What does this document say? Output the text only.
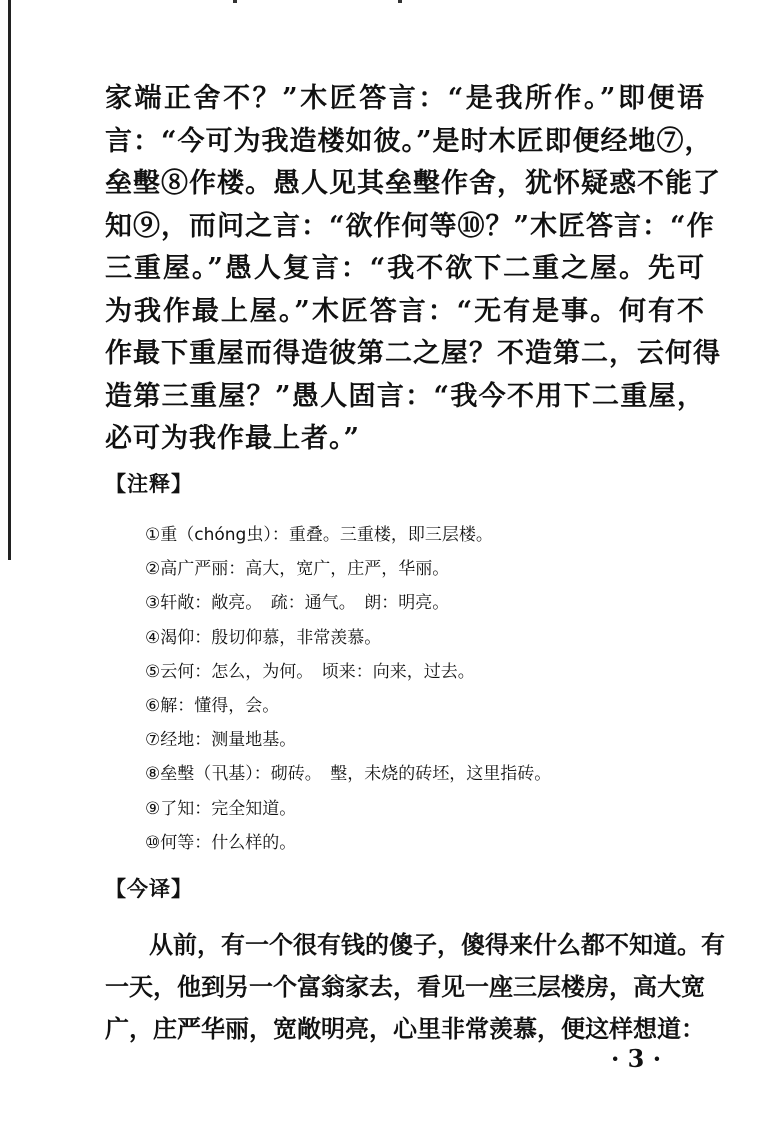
家端正舍不？”木匠答言：“是我所作。”即便语
言：“今可为我造楼如彼。”是时木匠即便经地⑦，
垒墼⑧作楼。愚人见其垒墼作舍，犹怀疑惑不能了
知⑨，而问之言：“欲作何等⑩？”木匠答言：“作
三重屋。”愚人复言：“我不欲下二重之屋。先可
为我作最上屋。”木匠答言：“无有是事。何有不
作最下重屋而得造彼第二之屋？不造第二，云何得
造第三重屋？”愚人固言：“我今不用下二重屋，
必可为我作最上者。”
【注释】
①重（chóng虫）：重叠。三重楼，即三层楼。
②高广严丽：高大，宽广，庄严，华丽。
③轩敞：敞亮。　疏：通气。　朗：明亮。
④渴仰：殷切仰慕，非常羡慕。
⑤云何：怎么，为何。　顷来：向来，过去。
⑥解：懂得，会。
⑦经地：测量地基。
⑧垒墼（卂基）：砌砖。　墼，未烧的砖坯，这里指砖。
⑨了知：完全知道。
⑩何等：什么样的。
【今译】
从前，有一个很有钱的傻子，傻得来什么都不知道。有
一天，他到另一个富翁家去，看见一座三层楼房，高大宽
广，庄严华丽，宽敞明亮，心里非常羡慕，便这样想道：
· 3 ·
